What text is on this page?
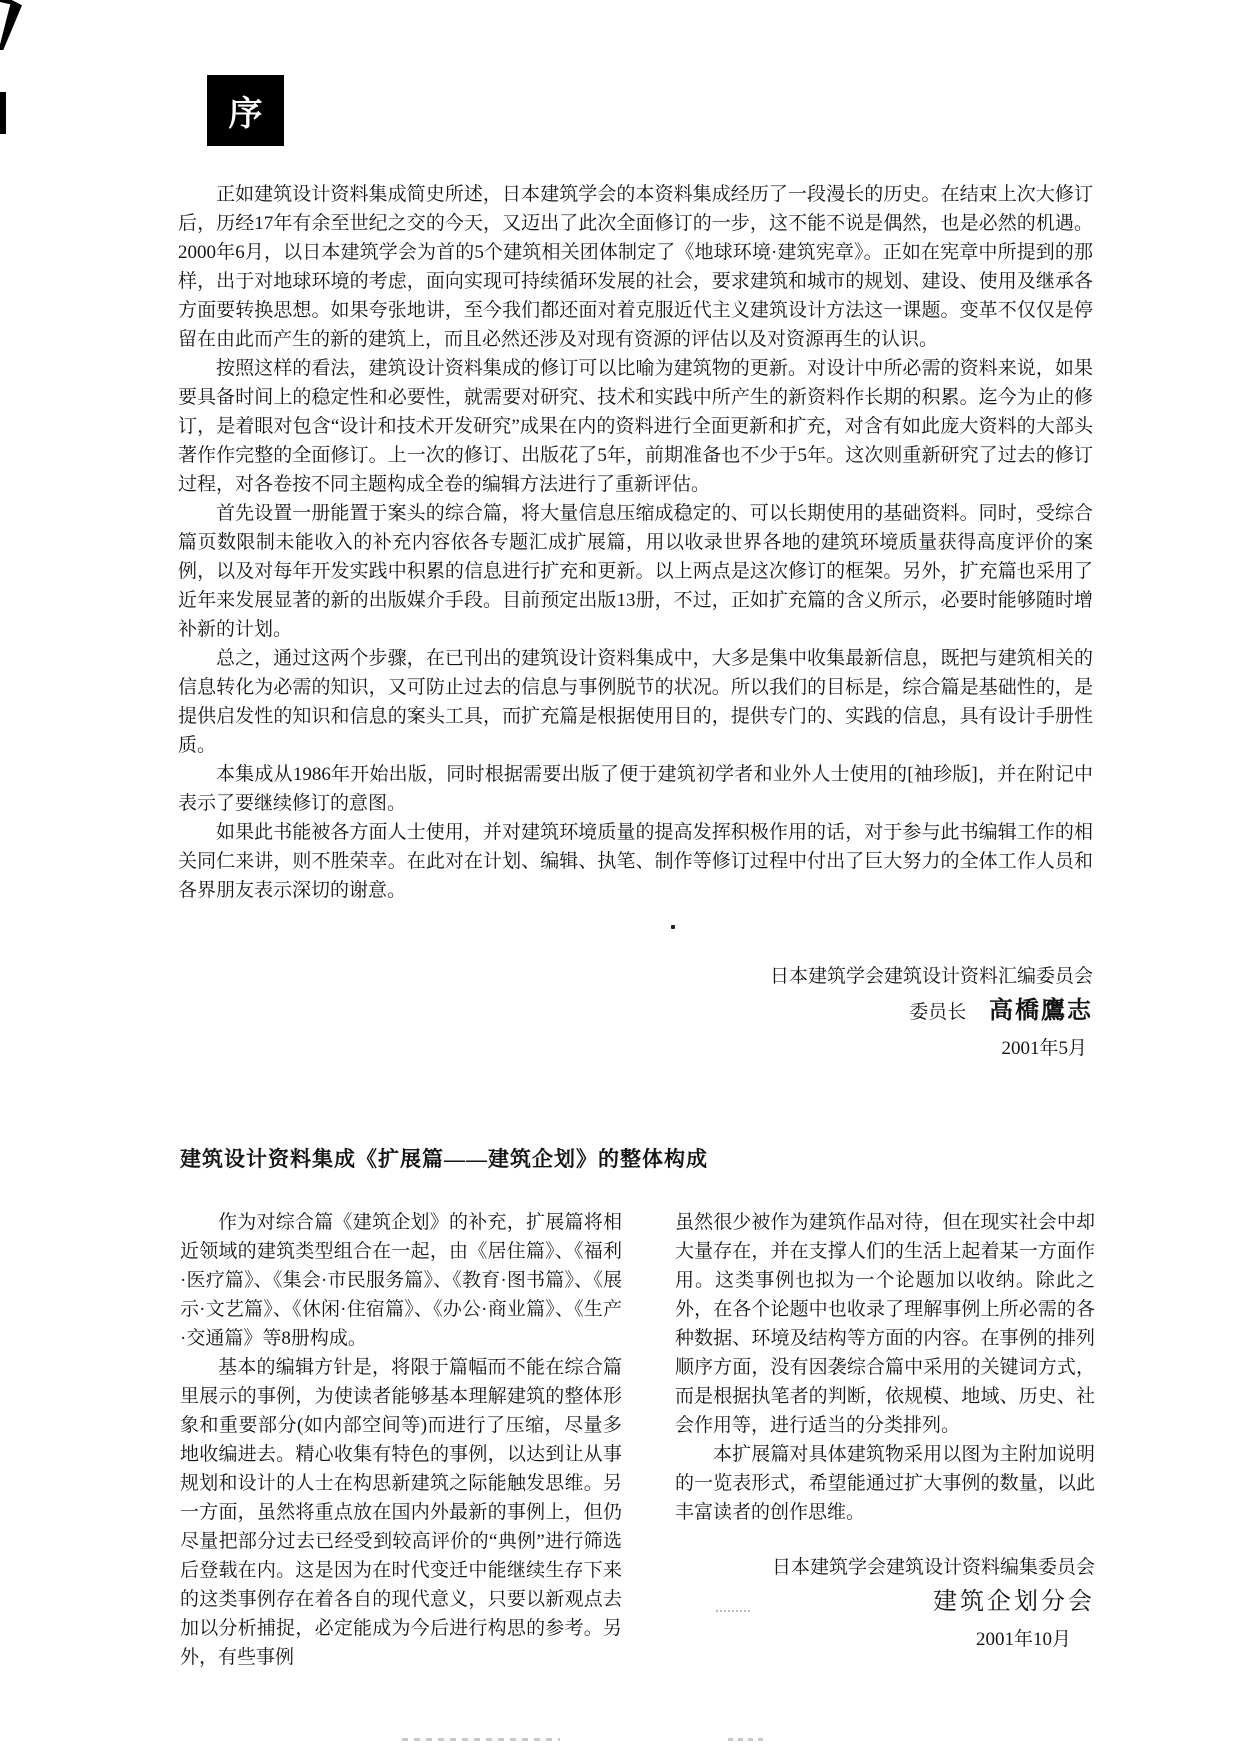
序

正如建筑设计资料集成简史所述，日本建筑学会的本资料集成经历了一段漫长的历史。在结束上次大修订后，历经17年有余至世纪之交的今天，又迈出了此次全面修订的一步，这不能不说是偶然，也是必然的机遇。2000年6月，以日本建筑学会为首的5个建筑相关团体制定了《地球环境·建筑宪章》。正如在宪章中所提到的那样，出于对地球环境的考虑，面向实现可持续循环发展的社会，要求建筑和城市的规划、建设、使用及继承各方面要转换思想。如果夸张地讲，至今我们都还面对着克服近代主义建筑设计方法这一课题。变革不仅仅是停留在由此而产生的新的建筑上，而且必然还涉及对现有资源的评估以及对资源再生的认识。

按照这样的看法，建筑设计资料集成的修订可以比喻为建筑物的更新。对设计中所必需的资料来说，如果要具备时间上的稳定性和必要性，就需要对研究、技术和实践中所产生的新资料作长期的积累。迄今为止的修订，是着眼对包含“设计和技术开发研究”成果在内的资料进行全面更新和扩充，对含有如此庞大资料的大部头著作作完整的全面修订。上一次的修订、出版花了5年，前期准备也不少于5年。这次则重新研究了过去的修订过程，对各卷按不同主题构成全卷的编辑方法进行了重新评估。

首先设置一册能置于案头的综合篇，将大量信息压缩成稳定的、可以长期使用的基础资料。同时，受综合篇页数限制未能收入的补充内容依各专题汇成扩展篇，用以收录世界各地的建筑环境质量获得高度评价的案例，以及对每年开发实践中积累的信息进行扩充和更新。以上两点是这次修订的框架。另外，扩充篇也采用了近年来发展显著的新的出版媒介手段。目前预定出版13册，不过，正如扩充篇的含义所示，必要时能够随时增补新的计划。

总之，通过这两个步骤，在已刊出的建筑设计资料集成中，大多是集中收集最新信息，既把与建筑相关的信息转化为必需的知识，又可防止过去的信息与事例脱节的状况。所以我们的目标是，综合篇是基础性的，是提供启发性的知识和信息的案头工具，而扩充篇是根据使用目的，提供专门的、实践的信息，具有设计手册性质。

本集成从1986年开始出版，同时根据需要出版了便于建筑初学者和业外人士使用的[袖珍版]，并在附记中表示了要继续修订的意图。

如果此书能被各方面人士使用，并对建筑环境质量的提高发挥积极作用的话，对于参与此书编辑工作的相关同仁来讲，则不胜荣幸。在此对在计划、编辑、执笔、制作等修订过程中付出了巨大努力的全体工作人员和各界朋友表示深切的谢意。

日本建筑学会建筑设计资料汇编委员会
委员长 高橋鷹志
2001年5月
建筑设计资料集成《扩展篇——建筑企划》的整体构成

作为对综合篇《建筑企划》的补充，扩展篇将相近领域的建筑类型组合在一起，由《居住篇》、《福利·医疗篇》、《集会·市民服务篇》、《教育·图书篇》、《展示·文艺篇》、《休闲·住宿篇》、《办公·商业篇》、《生产·交通篇》等8册构成。

基本的编辑方针是，将限于篇幅而不能在综合篇里展示的事例，为使读者能够基本理解建筑的整体形象和重要部分(如内部空间等)而进行了压缩，尽量多地收编进去。精心收集有特色的事例，以达到让从事规划和设计的人士在构思新建筑之际能触发思维。另一方面，虽然将重点放在国内外最新的事例上，但仍尽量把部分过去已经受到较高评价的“典例”进行筛选后登载在内。这是因为在时代变迁中能继续生存下来的这类事例存在着各自的现代意义，只要以新观点去加以分析捕捉，必定能成为今后进行构思的参考。另外，有些事例

虽然很少被作为建筑作品对待，但在现实社会中却大量存在，并在支撑人们的生活上起着某一方面作用。这类事例也拟为一个论题加以收纳。除此之外，在各个论题中也收录了理解事例上所必需的各种数据、环境及结构等方面的内容。在事例的排列顺序方面，没有因袭综合篇中采用的关键词方式，而是根据执笔者的判断，依规模、地域、历史、社会作用等，进行适当的分类排列。

本扩展篇对具体建筑物采用以图为主附加说明的一览表形式，希望能通过扩大事例的数量，以此丰富读者的创作思维。

日本建筑学会建筑设计资料编集委员会
建筑企划分会
2001年10月
